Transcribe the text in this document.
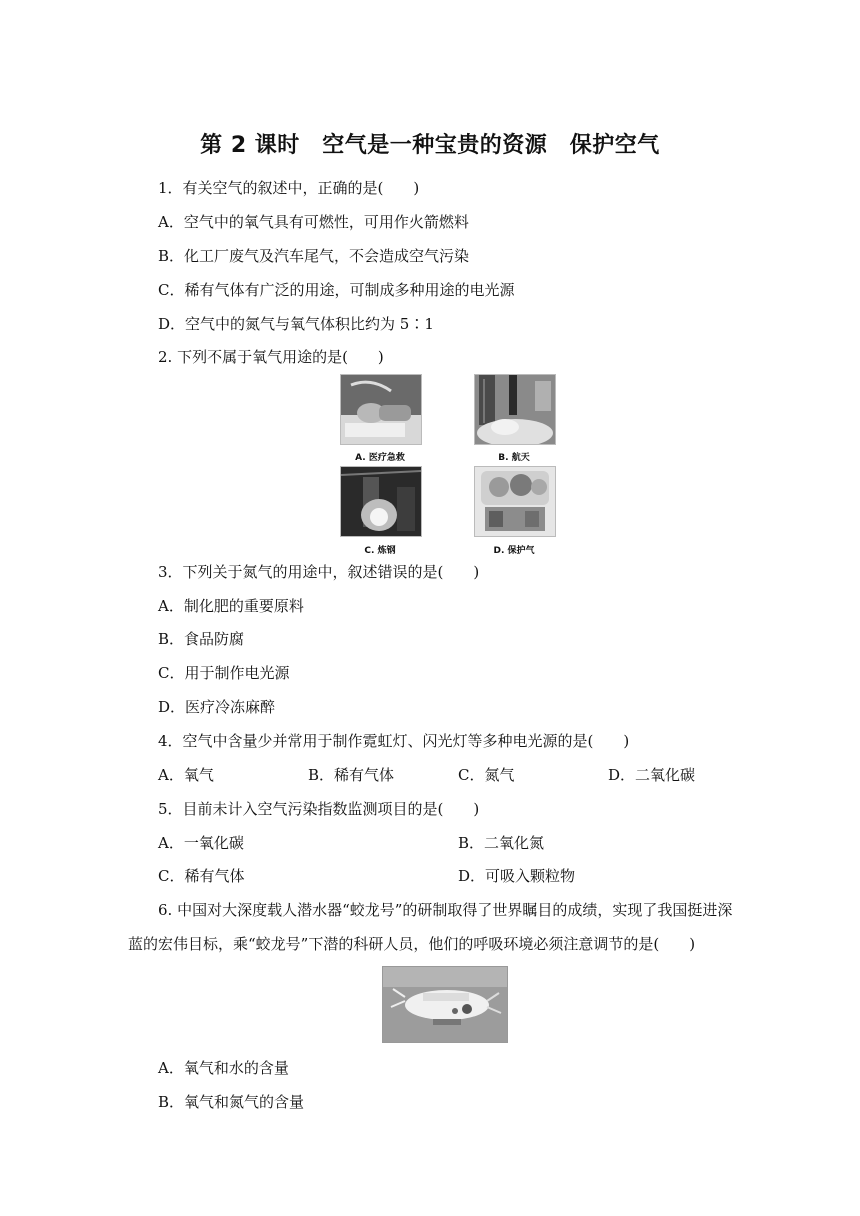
第 2 课时　空气是一种宝贵的资源　保护空气
1．有关空气的叙述中，正确的是(　　)
A．空气中的氧气具有可燃性，可用作火箭燃料
B．化工厂废气及汽车尾气，不会造成空气污染
C．稀有气体有广泛的用途，可制成多种用途的电光源
D．空气中的氮气与氧气体积比约为 5∶1
2. 下列不属于氧气用途的是(　　)
A. 医疗急救	B. 航天
C. 炼钢	D. 保护气
3．下列关于氮气的用途中，叙述错误的是(　　)
A．制化肥的重要原料
B．食品防腐
C．用于制作电光源
D．医疗冷冻麻醉
4．空气中含量少并常用于制作霓虹灯、闪光灯等多种电光源的是(　　)
A．氧气	B．稀有气体	C．氮气	D．二氧化碳
5．目前未计入空气污染指数监测项目的是(　　)
A．一氧化碳	B．二氧化氮
C．稀有气体	D．可吸入颗粒物
6. 中国对大深度载人潜水器“蛟龙号”的研制取得了世界瞩目的成绩，实现了我国挺进深
蓝的宏伟目标，乘“蛟龙号”下潜的科研人员，他们的呼吸环境必须注意调节的是(　　)
A．氧气和水的含量
B．氧气和氮气的含量
